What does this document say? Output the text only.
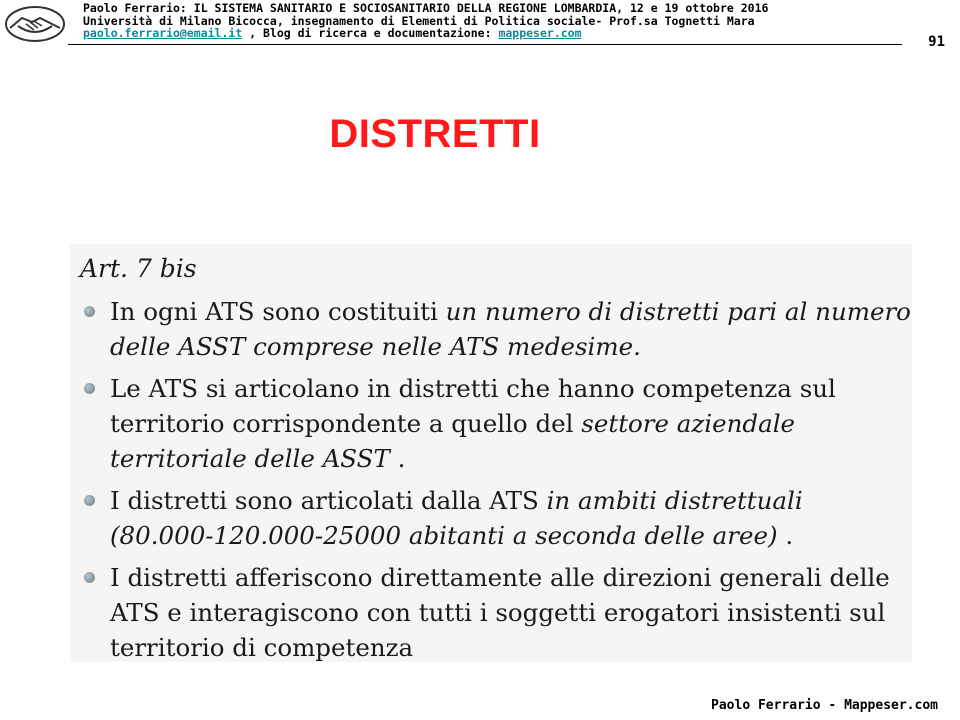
Paolo Ferrario: IL SISTEMA SANITARIO E SOCIOSANITARIO DELLA REGIONE LOMBARDIA, 12 e 19 ottobre 2016
Università di Milano Bicocca, insegnamento di Elementi di Politica sociale- Prof.sa Tognetti Mara
paolo.ferrario@email.it , Blog di ricerca e documentazione: mappeser.com
91
DISTRETTI
Art. 7 bis
In ogni ATS sono costituiti un numero di distretti pari al numero delle ASST comprese nelle ATS medesime.
Le ATS si articolano in distretti che hanno competenza sul territorio corrispondente a quello del settore aziendale territoriale delle ASST .
I distretti sono articolati dalla ATS in ambiti distrettuali (80.000-120.000-25000 abitanti a seconda delle aree) .
I distretti afferiscono direttamente alle direzioni generali delle ATS e interagiscono con tutti i soggetti erogatori insistenti sul territorio di competenza
Paolo Ferrario - Mappeser.com
